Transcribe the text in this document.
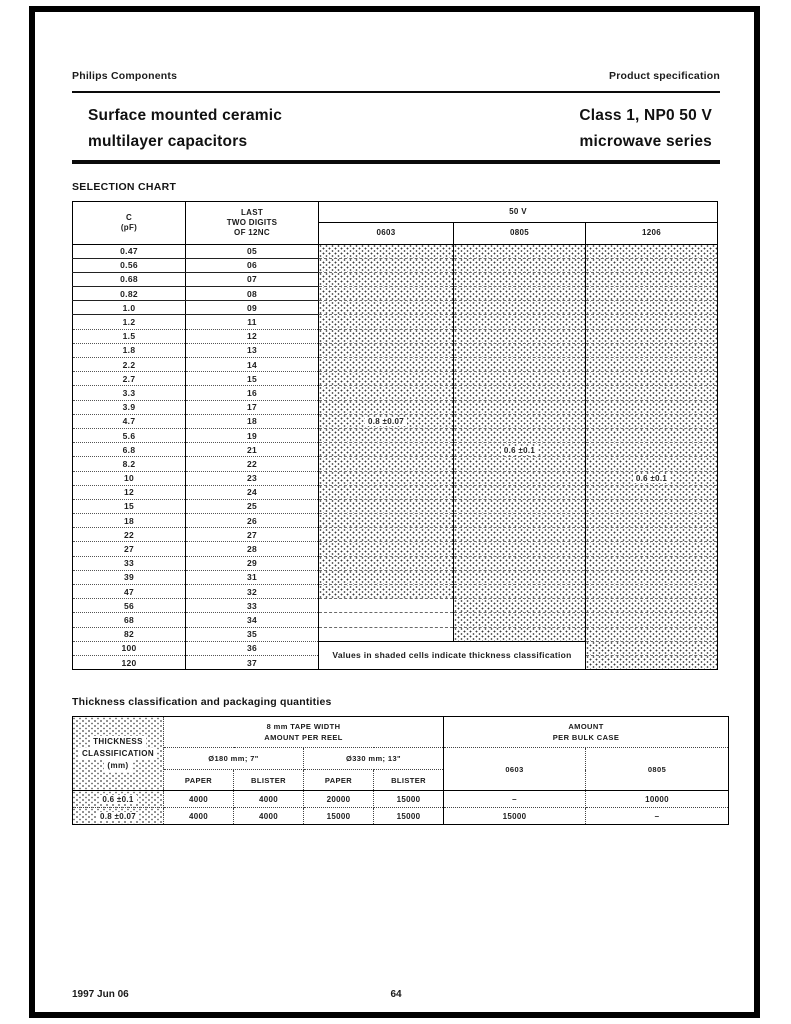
Philips Components	Product specification
Surface mounted ceramic
multilayer capacitors
Class 1, NP0 50 V
microwave series
SELECTION CHART
C
(pF)	LAST
TWO DIGITS
OF 12NC	50 V		
		0603	0805	1206
0.47	05			
0.56	06			
0.68	07			
0.82	08			
1.0	09			
1.2	11			
1.5	12			
1.8	13			
2.2	14			
2.7	15			
3.3	16			
3.9	17			
4.7	18	0.8 ±0.07		
5.6	19			
6.8	21		0.6 ±0.1	
8.2	22			
10	23			0.6 ±0.1
12	24			
15	25			
18	26			
22	27			
27	28			
33	29			
39	31			
47	32			
56	33			
68	34			
82	35			
100	36	Values in shaded cells indicate thickness classification		
120	37			
Thickness classification and packaging quantities
THICKNESS
CLASSIFICATION
(mm)	8 mm TAPE WIDTH
AMOUNT PER REEL				AMOUNT
PER BULK CASE	
	Ø180 mm; 7"		Ø330 mm; 13"		0603	0805
	PAPER	BLISTER	PAPER	BLISTER		
0.6 ±0.1	4000	4000	20000	15000	–	10000
0.8 ±0.07	4000	4000	15000	15000	15000	–
1997 Jun 06	64
